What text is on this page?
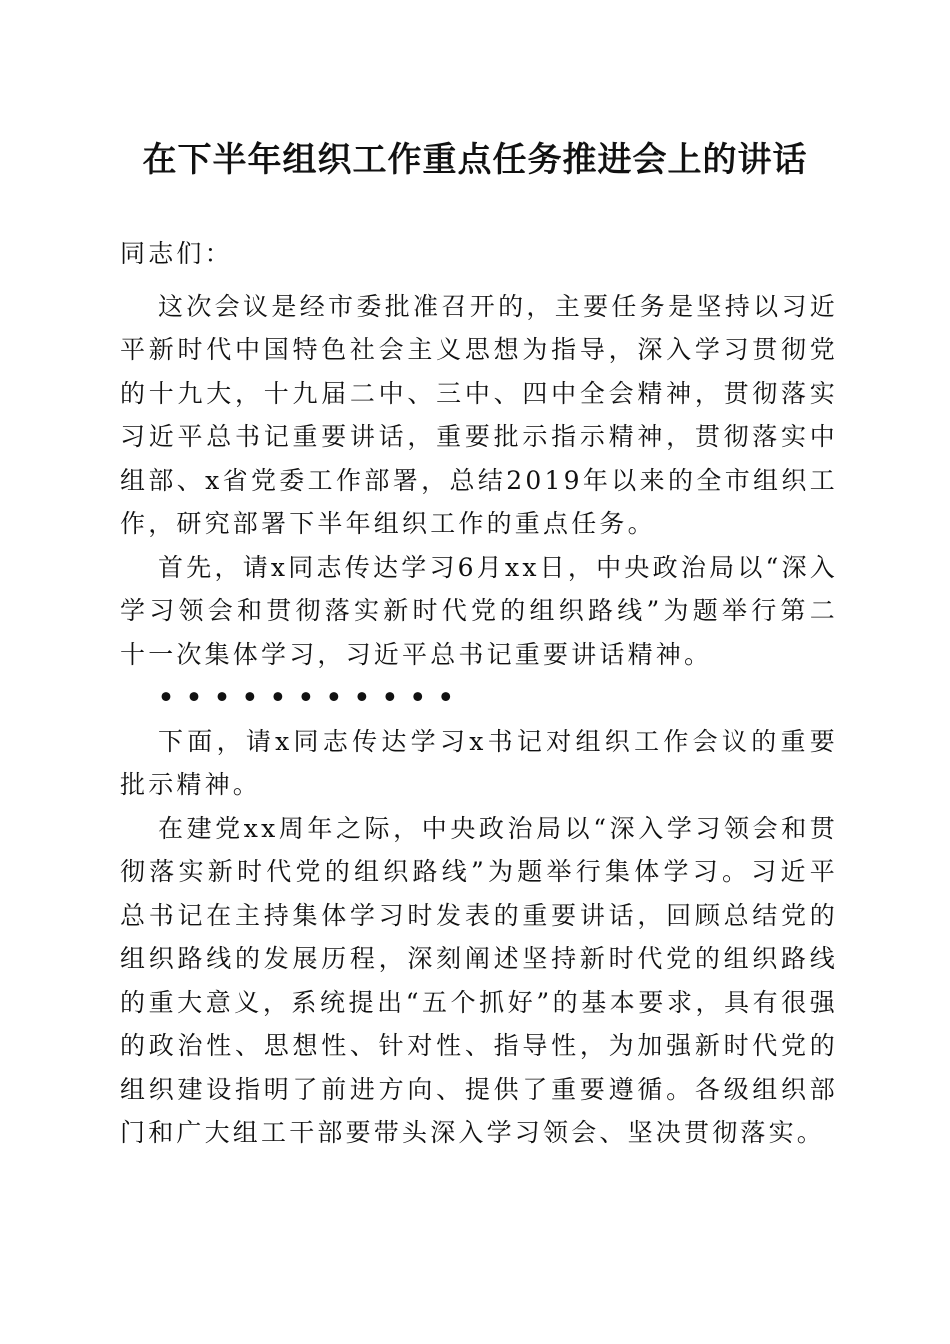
在下半年组织工作重点任务推进会上的讲话

同志们：

这次会议是经市委批准召开的，主要任务是坚持以习近平新时代中国特色社会主义思想为指导，深入学习贯彻党的十九大，十九届二中、三中、四中全会精神，贯彻落实习近平总书记重要讲话，重要批示指示精神，贯彻落实中组部、x省党委工作部署，总结2019年以来的全市组织工作，研究部署下半年组织工作的重点任务。

首先，请x同志传达学习6月xx日，中央政治局以“深入学习领会和贯彻落实新时代党的组织路线”为题举行第二十一次集体学习，习近平总书记重要讲话精神。

•••••••••••

下面，请x同志传达学习x书记对组织工作会议的重要批示精神。

在建党xx周年之际，中央政治局以“深入学习领会和贯彻落实新时代党的组织路线”为题举行集体学习。习近平总书记在主持集体学习时发表的重要讲话，回顾总结党的组织路线的发展历程，深刻阐述坚持新时代党的组织路线的重大意义，系统提出“五个抓好”的基本要求，具有很强的政治性、思想性、针对性、指导性，为加强新时代党的组织建设指明了前进方向、提供了重要遵循。各级组织部门和广大组工干部要带头深入学习领会、坚决贯彻落实。
